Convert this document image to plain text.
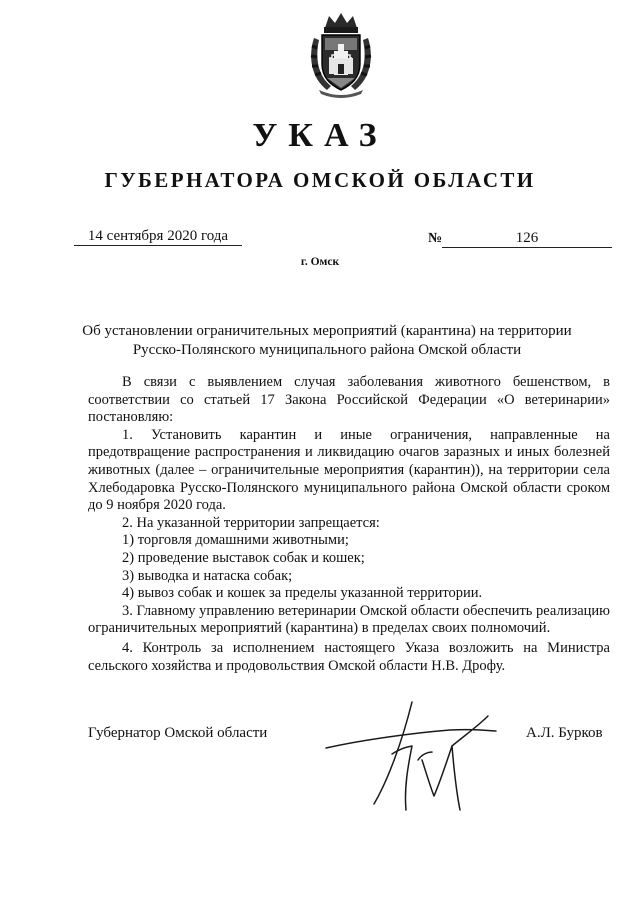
УКАЗ
ГУБЕРНАТОРА ОМСКОЙ ОБЛАСТИ
14 сентября 2020 года	№	126
г. Омск
Об установлении ограничительных мероприятий (карантина) на территории Русско-Полянского муниципального района Омской области

В связи с выявлением случая заболевания животного бешенством, в соответствии со статьей 17 Закона Российской Федерации «О ветеринарии» постановляю:

1. Установить карантин и иные ограничения, направленные на предотвращение распространения и ликвидацию очагов заразных и иных болезней животных (далее – ограничительные мероприятия (карантин)), на территории села Хлебодаровка Русско-Полянского муниципального района Омской области сроком до 9 ноября 2020 года.

2. На указанной территории запрещается:

1) торговля домашними животными;

2) проведение выставок собак и кошек;

3) выводка и натаска собак;

4) вывоз собак и кошек за пределы указанной территории.

3. Главному управлению ветеринарии Омской области обеспечить реализацию ограничительных мероприятий (карантина) в пределах своих полномочий.

4. Контроль за исполнением настоящего Указа возложить на Министра сельского хозяйства и продовольствия Омской области Н.В. Дрофу.

Губернатор Омской области	А.Л. Бурков
